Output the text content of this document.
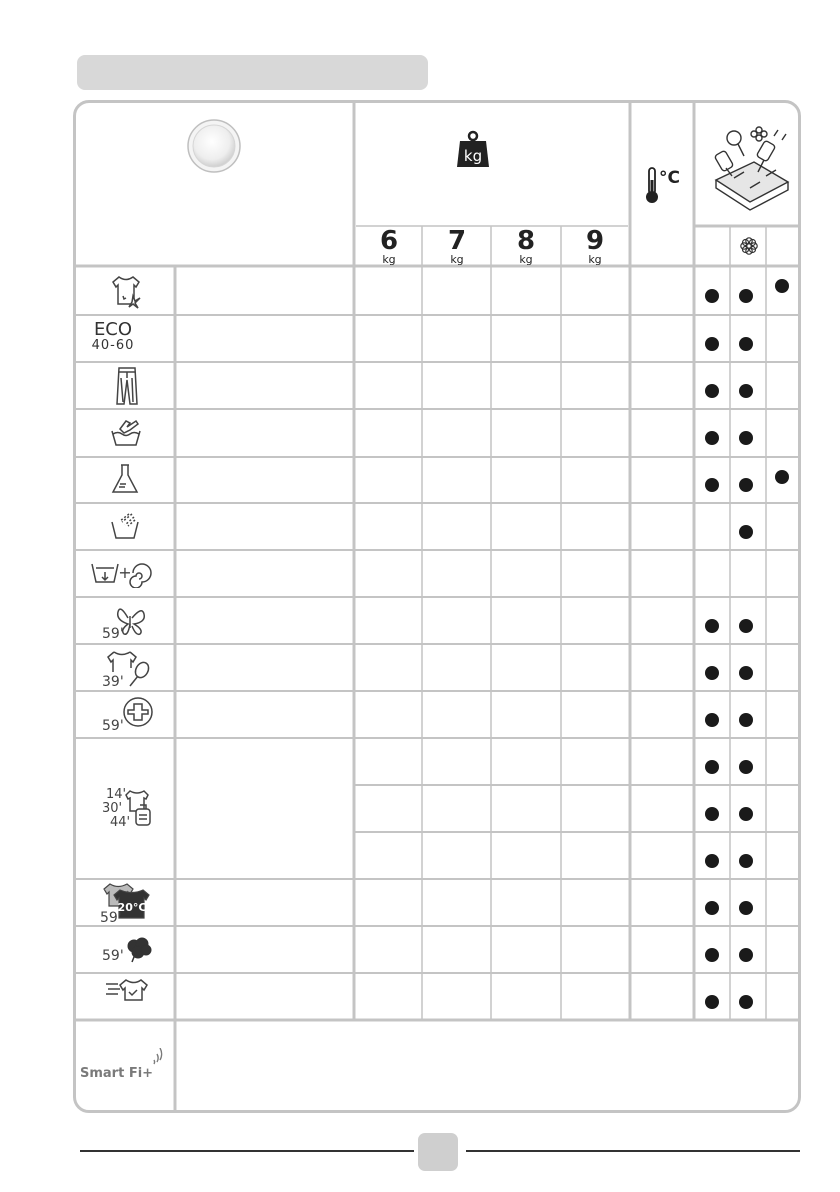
kg
6
kg
7
kg
8
kg
9
kg
°C
ECO
40-60
+
59'
39'
59'
14'
30'
44'
20°C
59'
59'
Smart Fi+
